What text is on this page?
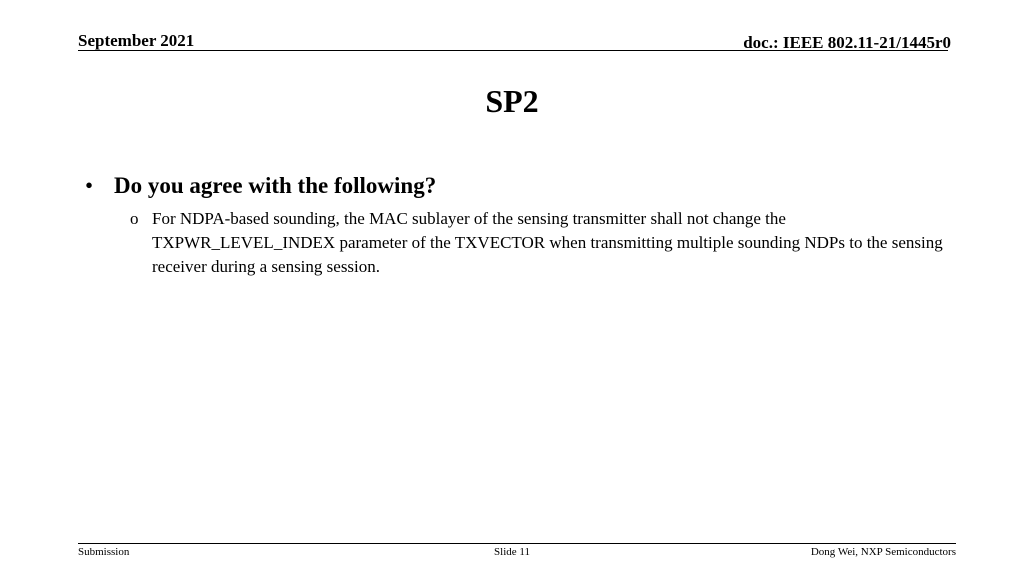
September 2021	doc.: IEEE 802.11-21/1445r0
SP2
• Do you agree with the following?
o For NDPA-based sounding, the MAC sublayer of the sensing transmitter shall not change the TXPWR_LEVEL_INDEX parameter of the TXVECTOR when transmitting multiple sounding NDPs to the sensing receiver during a sensing session.
Submission	Slide 11	Dong Wei, NXP Semiconductors
